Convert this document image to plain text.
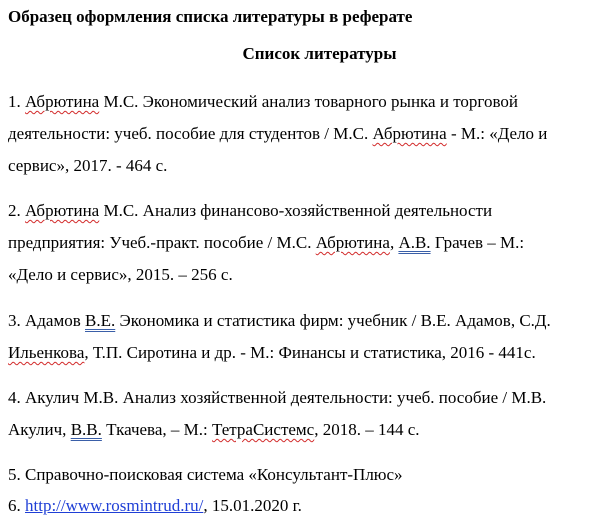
Образец оформления списка литературы в реферате
Список литературы
1. Абрютина М.С. Экономический анализ товарного рынка и торговой
деятельности: учеб. пособие для студентов / М.С. Абрютина - М.: «Дело и
сервис», 2017. - 464 с.
2. Абрютина М.С. Анализ финансово-хозяйственной деятельности
предприятия: Учеб.-практ. пособие / М.С. Абрютина, А.В. Грачев – М.:
«Дело и сервис», 2015. – 256 с.
3. Адамов В.Е. Экономика и статистика фирм: учебник / В.Е. Адамов, С.Д.
Ильенкова, Т.П. Сиротина и др. - М.: Финансы и статистика, 2016 - 441с.
4. Акулич М.В. Анализ хозяйственной деятельности: учеб. пособие / М.В.
Акулич, В.В. Ткачева, – М.: ТетраСистемс, 2018. – 144 с.
5. Справочно-поисковая система «Консультант-Плюс»
6. http://www.rosmintrud.ru/, 15.01.2020 г.
